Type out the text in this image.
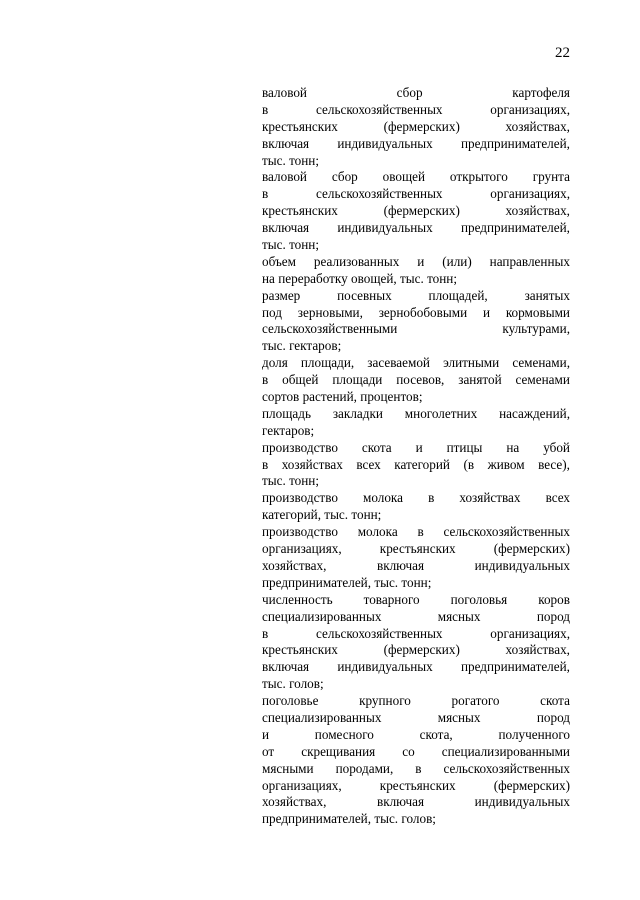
22
валовой	сбор	картофеля
в	сельскохозяйственных	организациях,
крестьянских	(фермерских)	хозяйствах,
включая индивидуальных предпринимателей,
тыс. тонн;
валовой сбор овощей открытого грунта
в	сельскохозяйственных	организациях,
крестьянских	(фермерских)	хозяйствах,
включая индивидуальных предпринимателей,
тыс. тонн;
объем реализованных и (или) направленных
на переработку овощей, тыс. тонн;
размер	посевных	площадей,	занятых
под зерновыми, зернобобовыми и кормовыми
сельскохозяйственными	культурами,
тыс. гектаров;
доля площади, засеваемой элитными семенами,
в общей площади посевов, занятой семенами
сортов растений, процентов;
площадь закладки многолетних насаждений,
гектаров;
производство скота и птицы на убой
в хозяйствах всех категорий (в живом весе),
тыс. тонн;
производство молока в хозяйствах всех
категорий, тыс. тонн;
производство молока в сельскохозяйственных
организациях,	крестьянских	(фермерских)
хозяйствах,	включая	индивидуальных
предпринимателей, тыс. тонн;
численность товарного поголовья коров
специализированных	мясных	пород
в	сельскохозяйственных	организациях,
крестьянских	(фермерских)	хозяйствах,
включая индивидуальных предпринимателей,
тыс. голов;
поголовье	крупного	рогатого	скота
специализированных	мясных	пород
и	помесного	скота,	полученного
от скрещивания со специализированными
мясными породами, в сельскохозяйственных
организациях,	крестьянских	(фермерских)
хозяйствах,	включая	индивидуальных
предпринимателей, тыс. голов;
